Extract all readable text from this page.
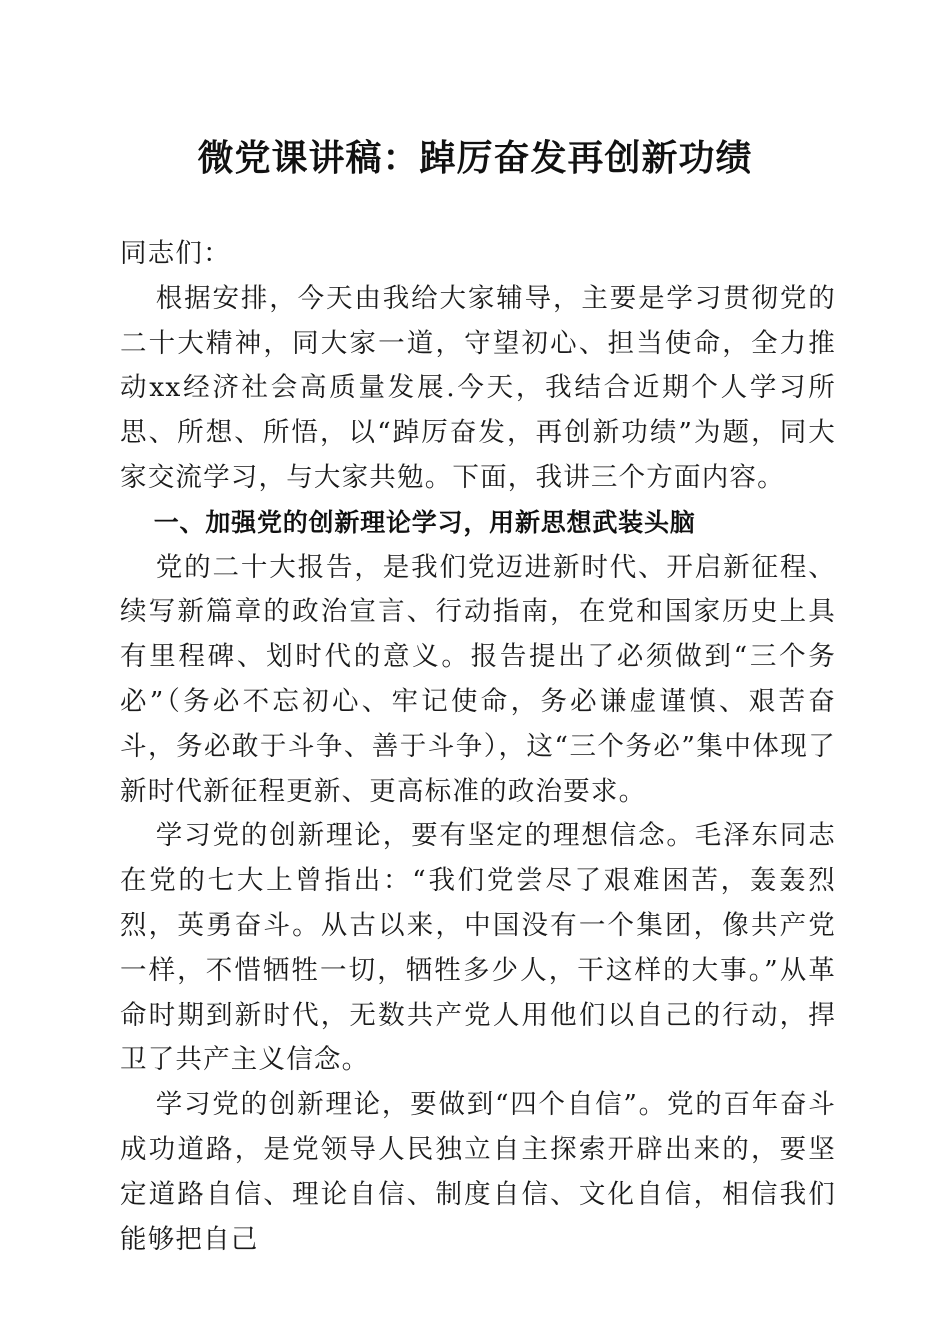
微党课讲稿：踔厉奋发再创新功绩

同志们：

根据安排，今天由我给大家辅导，主要是学习贯彻党的二十大精神，同大家一道，守望初心、担当使命，全力推动xx经济社会高质量发展.今天，我结合近期个人学习所思、所想、所悟，以“踔厉奋发，再创新功绩”为题，同大家交流学习，与大家共勉。下面，我讲三个方面内容。

一、加强党的创新理论学习，用新思想武装头脑

党的二十大报告，是我们党迈进新时代、开启新征程、续写新篇章的政治宣言、行动指南，在党和国家历史上具有里程碑、划时代的意义。报告提出了必须做到“三个务必”（务必不忘初心、牢记使命，务必谦虚谨慎、艰苦奋斗，务必敢于斗争、善于斗争），这“三个务必”集中体现了新时代新征程更新、更高标准的政治要求。

学习党的创新理论，要有坚定的理想信念。毛泽东同志在党的七大上曾指出：“我们党尝尽了艰难困苦，轰轰烈烈，英勇奋斗。从古以来，中国没有一个集团，像共产党一样，不惜牺牲一切，牺牲多少人，干这样的大事。”从革命时期到新时代，无数共产党人用他们以自己的行动，捍卫了共产主义信念。

学习党的创新理论，要做到“四个自信”。党的百年奋斗成功道路，是党领导人民独立自主探索开辟出来的，要坚定道路自信、理论自信、制度自信、文化自信，相信我们能够把自己
